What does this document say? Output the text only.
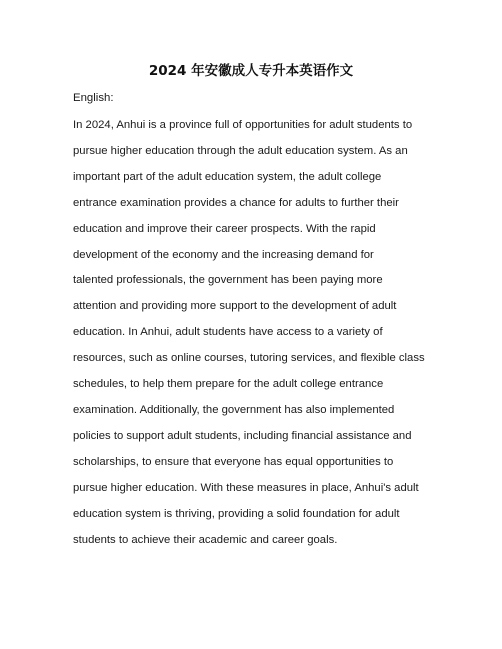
2024 年安徽成人专升本英语作文
English:

In 2024, Anhui is a province full of opportunities for adult students to
pursue higher education through the adult education system. As an
important part of the adult education system, the adult college
entrance examination provides a chance for adults to further their
education and improve their career prospects. With the rapid
development of the economy and the increasing demand for
talented professionals, the government has been paying more
attention and providing more support to the development of adult
education. In Anhui, adult students have access to a variety of
resources, such as online courses, tutoring services, and flexible class
schedules, to help them prepare for the adult college entrance
examination. Additionally, the government has also implemented
policies to support adult students, including financial assistance and
scholarships, to ensure that everyone has equal opportunities to
pursue higher education. With these measures in place, Anhui's adult
education system is thriving, providing a solid foundation for adult
students to achieve their academic and career goals.
